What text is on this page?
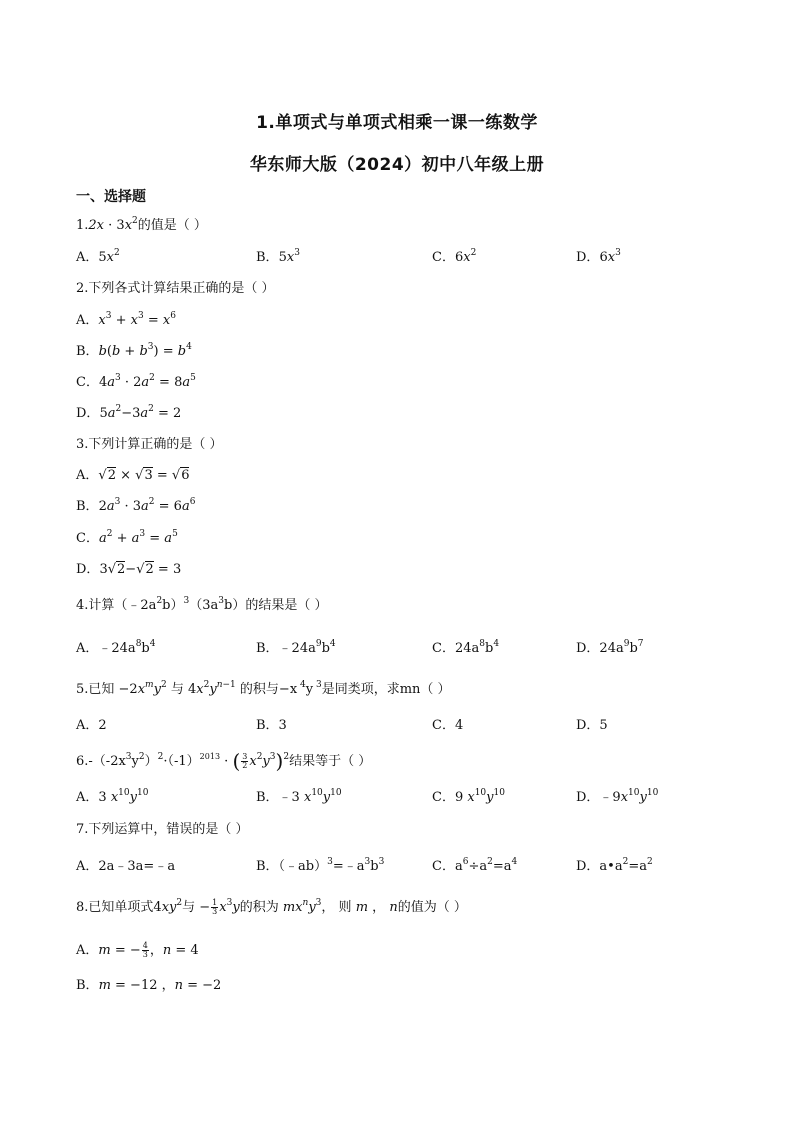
1.单项式与单项式相乘一课一练数学
华东师大版（2024）初中八年级上册
一、选择题
$1.2x \cdot 3x^2$的值是（ ）
A．$5x^2$	B．$5x^3$	C．$6x^2$	D．$6x^3$
2.下列各式计算结果正确的是（ ）
A．$x^3 + x^3 = x^6$
B．$b(b + b^3) = b^4$
C．$4a^3 \cdot 2a^2 = 8a^5$
D．$5a^2-3a^2 = 2$
3.下列计算正确的是（ ）
A．√2 × √3 = √6
B．$2a^3 \cdot 3a^2 = 6a^6$
C．$a^2 + a^3 = a^5$
D．3√2−√2 = 3
4.计算$(﹣2a^2b)^3(3a^3b)$的结果是（ ）
A．$﹣24a^8b^4$	B．$﹣24a^9b^4$	C．$24a^8b^4$	D．$24a^9b^7$
5.已知 $-2x^my^2$ 与 $4x^2y^{n-1}$ 的积与−x $^4$y $^3$是同类项，求mn（ ）
A．2	B．3	C．4	D．5
$6.-(-2x^3y^2)^2\cdot(-1)^{2013}$ · ( $\frac{3}{2} x^2y^3)^2$结果等于（ ）
A．3 $x^{10}y^{10}$	B．﹣3 $x^{10}y^{10}$	C．9 $x^{10}y^{10}$	D．$﹣9x^{10}y^{10}$
7.下列运算中，错误的是（ ）
A．2a﹣3a=﹣a	B．$(﹣ab)^3=﹣a^3b^3$	C．$a^6\div a^2=a^4$	D．$a•a^2=a^2$
8.已知单项式$4xy^2$与 − $\frac{1}{3} x^3y$的积为 $mx^ny^3$， 则 m ， n的值为（ ）
A．m = − $\frac{4}{3}$ ，n = 4
B．m = −12 ，n = −2
